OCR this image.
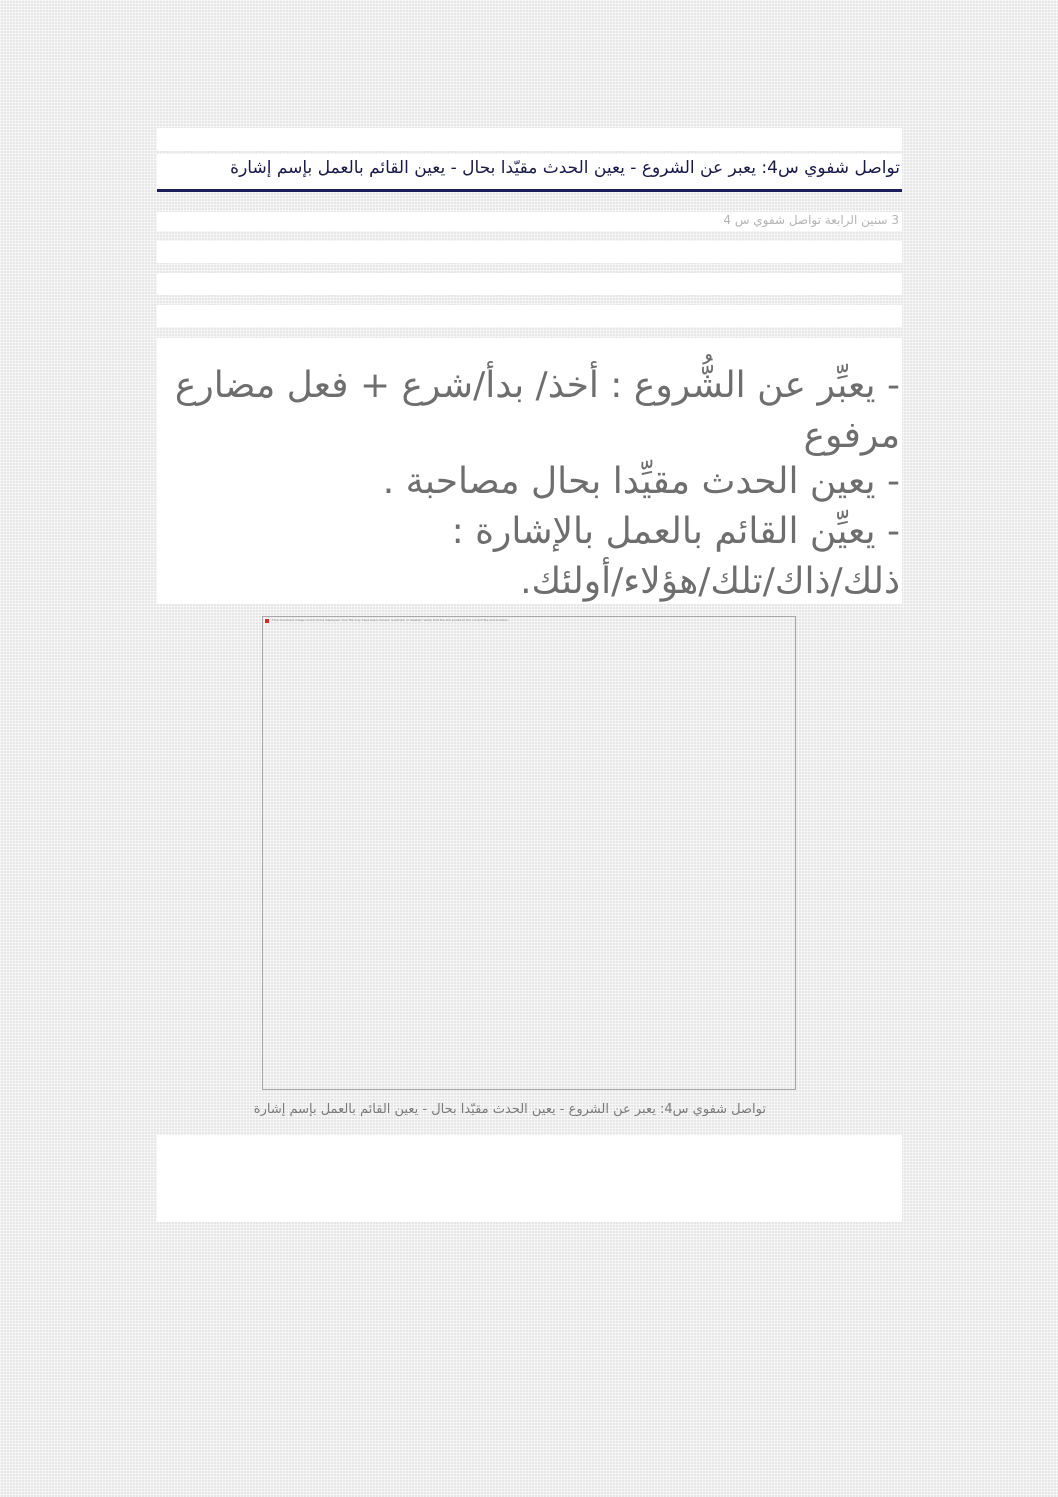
تواصل شفوي س4: يعبر عن الشروع - يعين الحدث مقيّدا بحال - يعين القائم بالعمل بإسم إشارة
3 سنين الرابعة تواصل شفوي س 4
- يعبِّر عن الشُّروع : أخذ/ بدأ/شرع + فعل مضارع
مرفوع
- يعين الحدث مقيِّدا بحال مصاحبة .
- يعيِّن القائم بالعمل بالإشارة :
ذلك/ذاك/تلك/هؤلاء/أولئك.
This document image could not be displayed. Your file may have been moved, renamed, or deleted. Verify that the link points to the correct file and location.
تواصل شفوي س4: يعبر عن الشروع - يعين الحدث مقيّدا بحال - يعين القائم بالعمل بإسم إشارة
